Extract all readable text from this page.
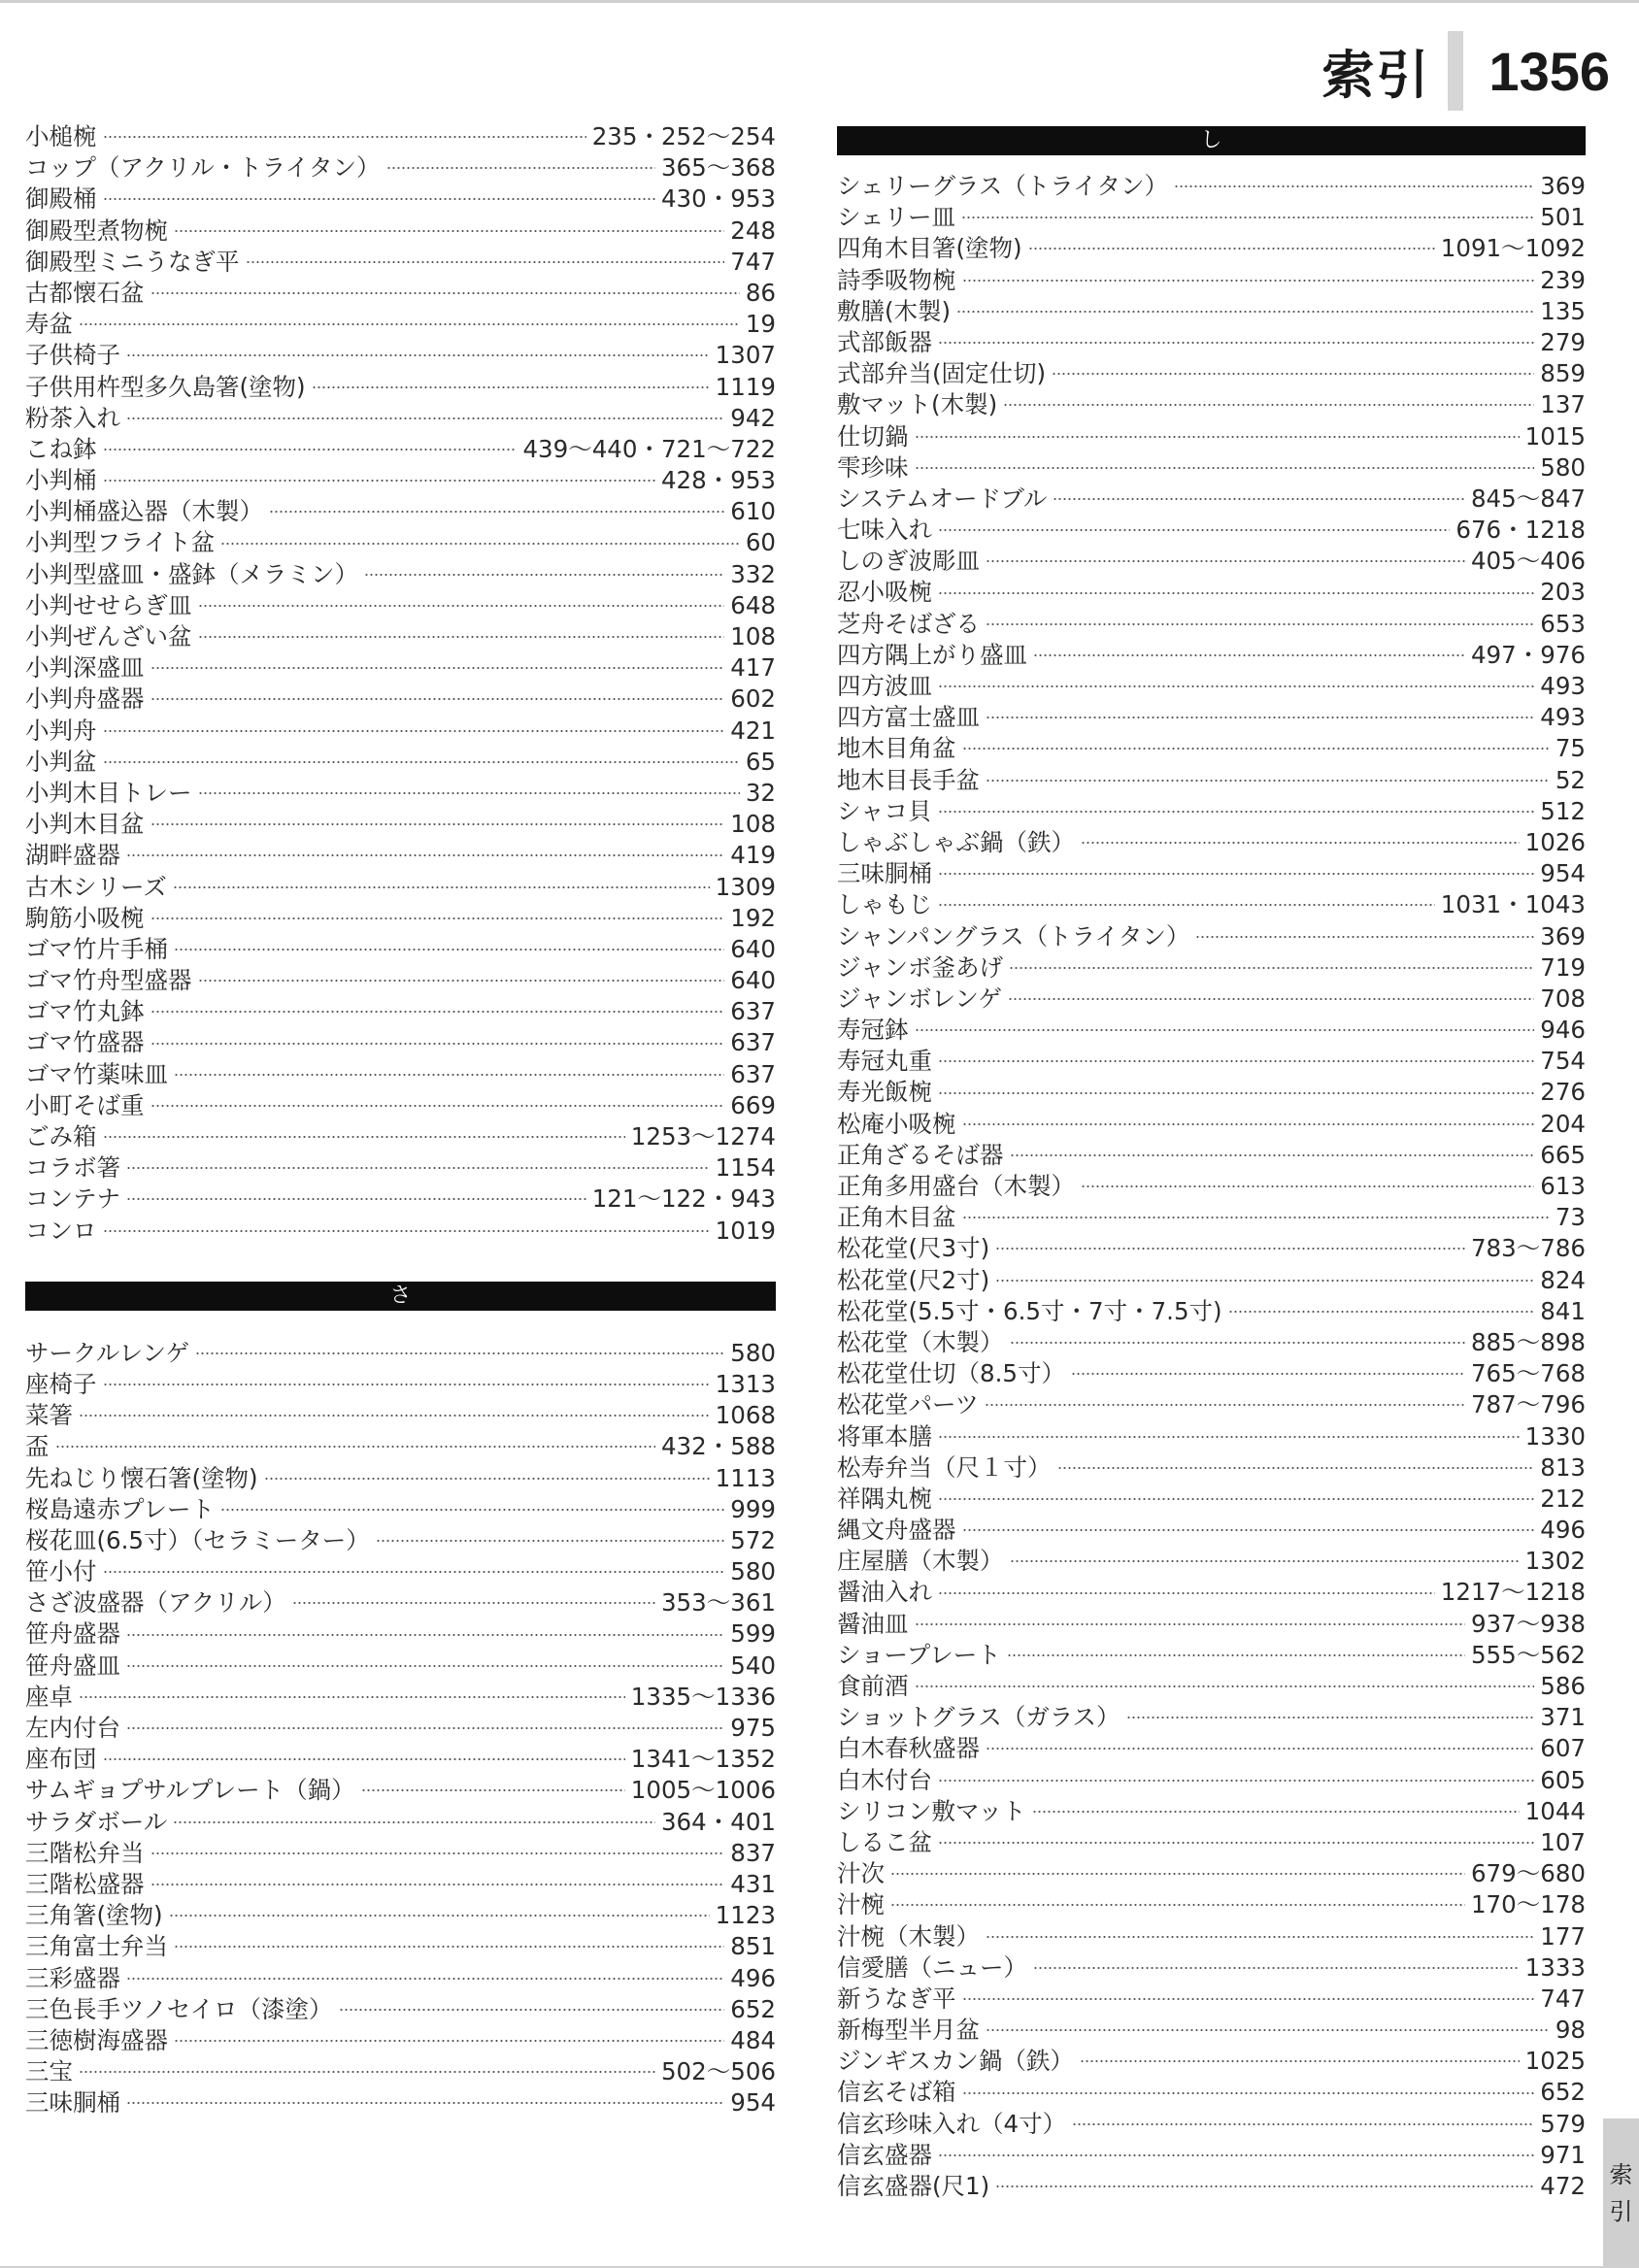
索引 1356
小槌椀	235・252〜254
コップ（アクリル・トライタン）	365〜368
御殿桶	430・953
御殿型煮物椀	248
御殿型ミニうなぎ平	747
古都懐石盆	86
寿盆	19
子供椅子	1307
子供用杵型多久島箸(塗物)	1119
粉茶入れ	942
こね鉢	439〜440・721〜722
小判桶	428・953
小判桶盛込器（木製）	610
小判型フライト盆	60
小判型盛皿・盛鉢（メラミン）	332
小判せせらぎ皿	648
小判ぜんざい盆	108
小判深盛皿	417
小判舟盛器	602
小判舟	421
小判盆	65
小判木目トレー	32
小判木目盆	108
湖畔盛器	419
古木シリーズ	1309
駒筋小吸椀	192
ゴマ竹片手桶	640
ゴマ竹舟型盛器	640
ゴマ竹丸鉢	637
ゴマ竹盛器	637
ゴマ竹薬味皿	637
小町そば重	669
ごみ箱	1253〜1274
コラボ箸	1154
コンテナ	121〜122・943
コンロ	1019
さ
サークルレンゲ	580
座椅子	1313
菜箸	1068
盃	432・588
先ねじり懐石箸(塗物)	1113
桜島遠赤プレート	999
桜花皿(6.5寸）（セラミーター）	572
笹小付	580
さざ波盛器（アクリル）	353〜361
笹舟盛器	599
笹舟盛皿	540
座卓	1335〜1336
左内付台	975
座布団	1341〜1352
サムギョプサルプレート（鍋）	1005〜1006
サラダボール	364・401
三階松弁当	837
三階松盛器	431
三角箸(塗物)	1123
三角富士弁当	851
三彩盛器	496
三色長手ツノセイロ（漆塗）	652
三徳樹海盛器	484
三宝	502〜506
三味胴桶	954
し
シェリーグラス（トライタン）	369
シェリー皿	501
四角木目箸(塗物)	1091〜1092
詩季吸物椀	239
敷膳(木製)	135
式部飯器	279
式部弁当(固定仕切)	859
敷マット(木製)	137
仕切鍋	1015
雫珍味	580
システムオードブル	845〜847
七味入れ	676・1218
しのぎ波彫皿	405〜406
忍小吸椀	203
芝舟そばざる	653
四方隅上がり盛皿	497・976
四方波皿	493
四方富士盛皿	493
地木目角盆	75
地木目長手盆	52
シャコ貝	512
しゃぶしゃぶ鍋（鉄）	1026
三味胴桶	954
しゃもじ	1031・1043
シャンパングラス（トライタン）	369
ジャンボ釜あげ	719
ジャンボレンゲ	708
寿冠鉢	946
寿冠丸重	754
寿光飯椀	276
松庵小吸椀	204
正角ざるそば器	665
正角多用盛台（木製）	613
正角木目盆	73
松花堂(尺3寸)	783〜786
松花堂(尺2寸)	824
松花堂(5.5寸・6.5寸・7寸・7.5寸)	841
松花堂（木製）	885〜898
松花堂仕切（8.5寸）	765〜768
松花堂パーツ	787〜796
将軍本膳	1330
松寿弁当（尺１寸）	813
祥隅丸椀	212
縄文舟盛器	496
庄屋膳（木製）	1302
醤油入れ	1217〜1218
醤油皿	937〜938
ショープレート	555〜562
食前酒	586
ショットグラス（ガラス）	371
白木春秋盛器	607
白木付台	605
シリコン敷マット	1044
しるこ盆	107
汁次	679〜680
汁椀	170〜178
汁椀（木製）	177
信愛膳（ニュー）	1333
新うなぎ平	747
新梅型半月盆	98
ジンギスカン鍋（鉄）	1025
信玄そば箱	652
信玄珍味入れ（4寸）	579
信玄盛器	971
信玄盛器(尺1)	472 索
引
